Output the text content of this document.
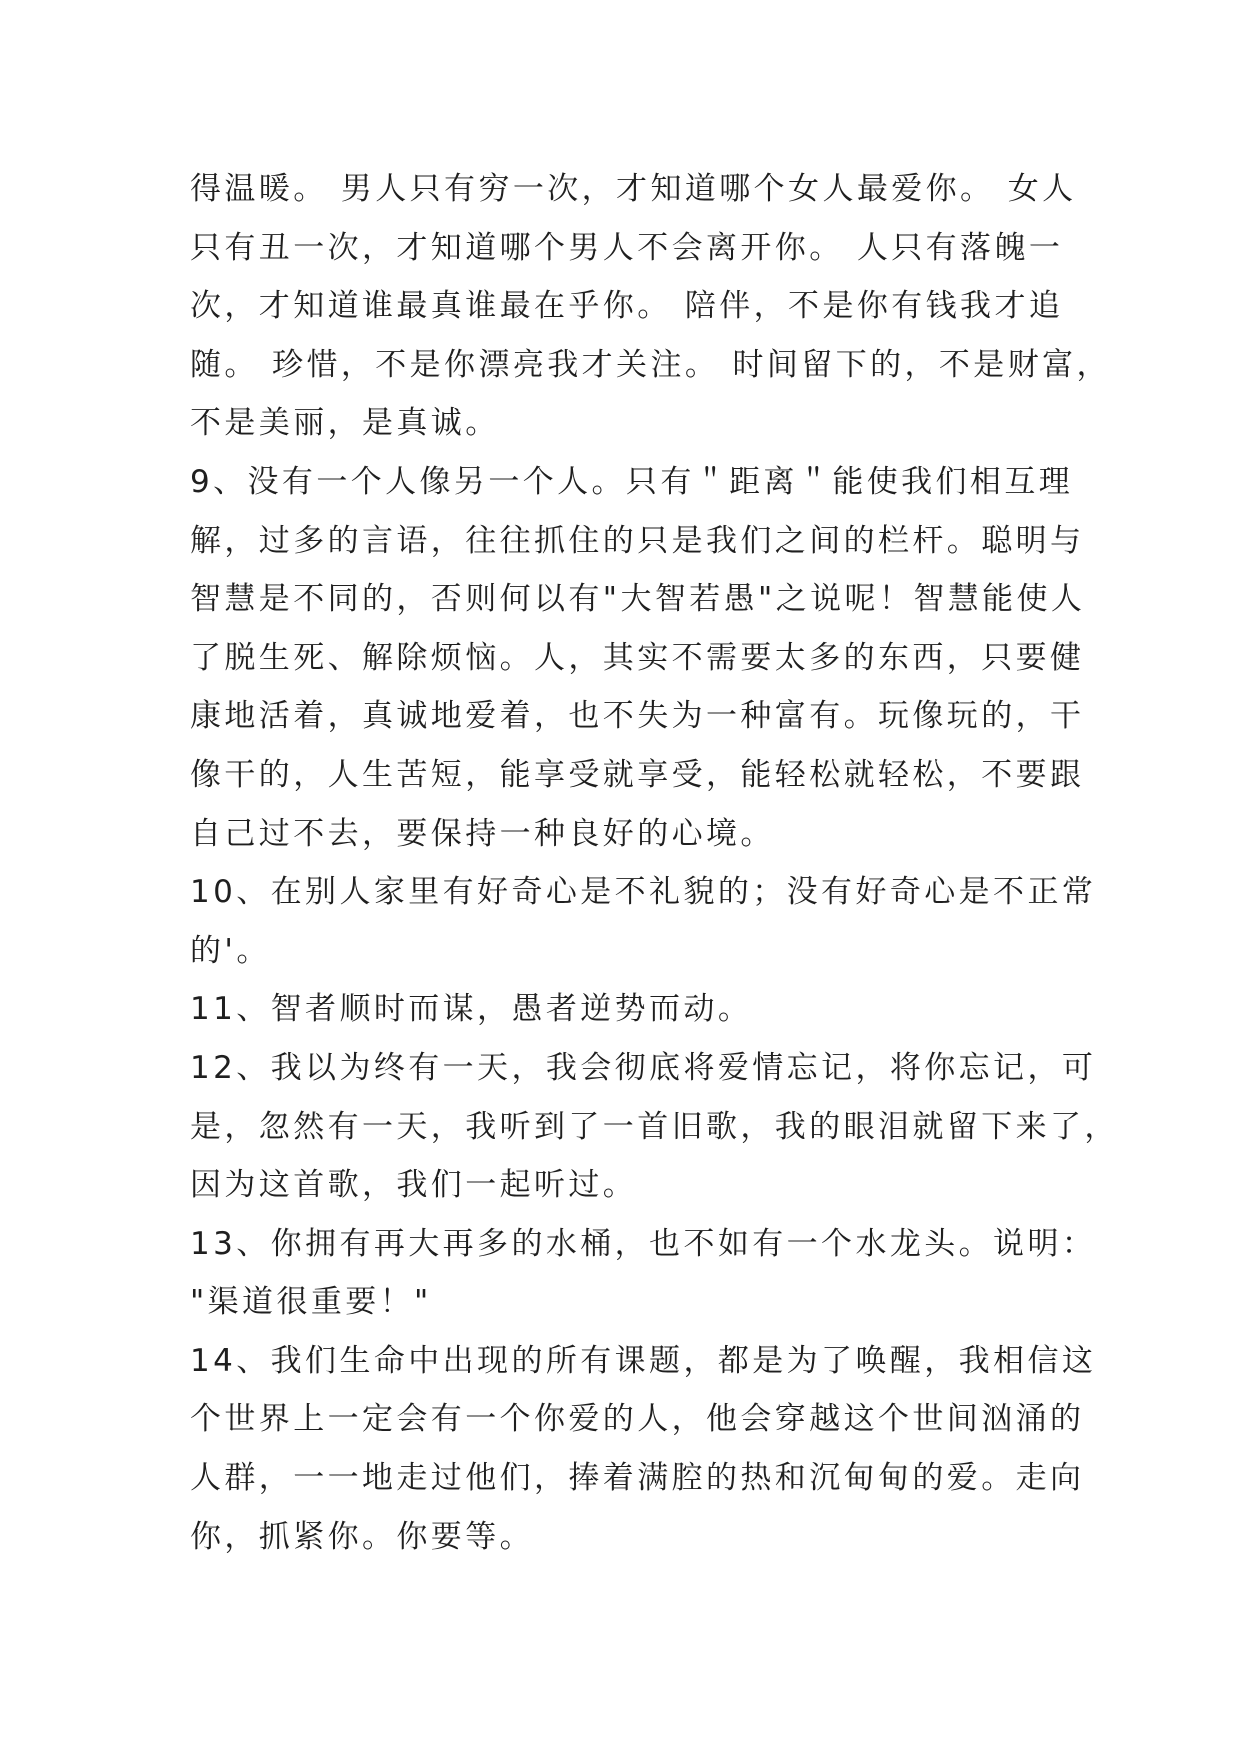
得温暖。 男人只有穷一次，才知道哪个女人最爱你。 女人
只有丑一次，才知道哪个男人不会离开你。 人只有落魄一
次，才知道谁最真谁最在乎你。 陪伴，不是你有钱我才追
随。 珍惜，不是你漂亮我才关注。 时间留下的，不是财富，
不是美丽，是真诚。
9、没有一个人像另一个人。只有＂距离＂能使我们相互理
解，过多的言语，往往抓住的只是我们之间的栏杆。聪明与
智慧是不同的，否则何以有"大智若愚"之说呢！智慧能使人
了脱生死、解除烦恼。人，其实不需要太多的东西，只要健
康地活着，真诚地爱着，也不失为一种富有。玩像玩的，干
像干的，人生苦短，能享受就享受，能轻松就轻松，不要跟
自己过不去，要保持一种良好的心境。
10、在别人家里有好奇心是不礼貌的；没有好奇心是不正常
的'。
11、智者顺时而谋，愚者逆势而动。
12、我以为终有一天，我会彻底将爱情忘记，将你忘记，可
是，忽然有一天，我听到了一首旧歌，我的眼泪就留下来了，
因为这首歌，我们一起听过。
13、你拥有再大再多的水桶，也不如有一个水龙头。说明：
"渠道很重要！"
14、我们生命中出现的所有课题，都是为了唤醒，我相信这
个世界上一定会有一个你爱的人，他会穿越这个世间汹涌的
人群，一一地走过他们，捧着满腔的热和沉甸甸的爱。走向
你，抓紧你。你要等。
